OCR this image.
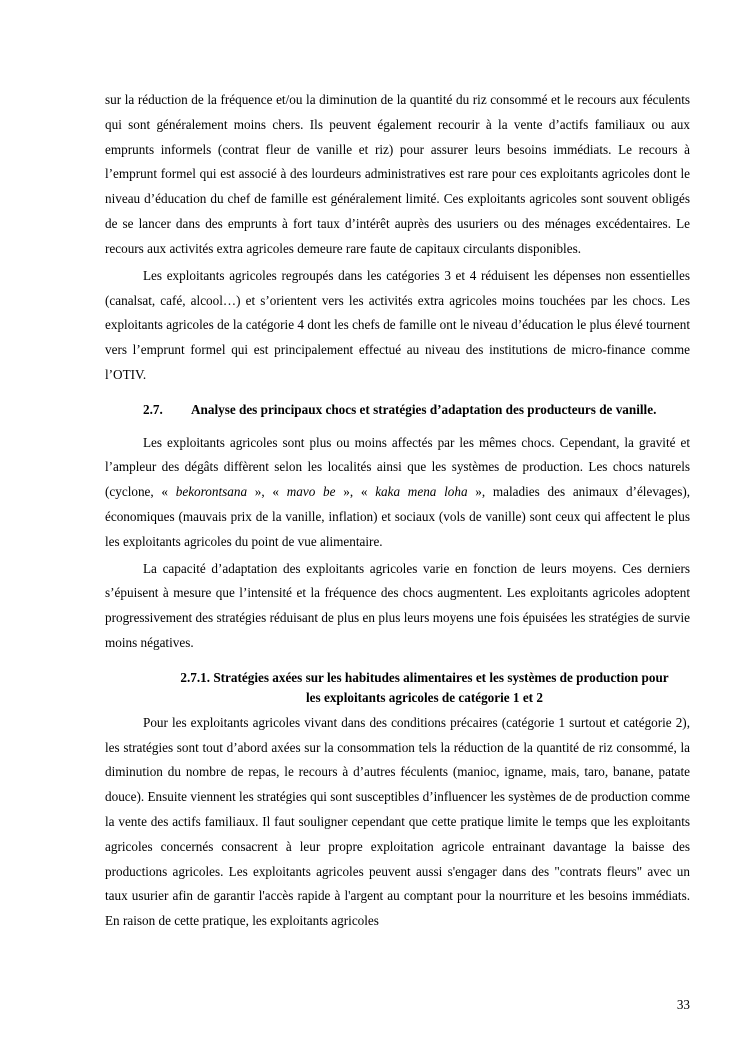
sur la réduction de la fréquence et/ou la diminution de la quantité du riz consommé et le recours aux féculents qui sont généralement moins chers. Ils peuvent également recourir à la vente d’actifs familiaux ou aux emprunts informels (contrat fleur de vanille et riz) pour assurer leurs besoins immédiats. Le recours à l’emprunt formel qui est associé à des lourdeurs administratives est rare pour ces exploitants agricoles dont le niveau d’éducation du chef de famille est généralement limité. Ces exploitants agricoles sont souvent obligés de se lancer dans des emprunts à fort taux d’intérêt auprès des usuriers ou des ménages excédentaires. Le recours aux activités extra agricoles demeure rare faute de capitaux circulants disponibles.

Les exploitants agricoles regroupés dans les catégories 3 et 4 réduisent les dépenses non essentielles (canalsat, café, alcool…) et s’orientent vers les activités extra agricoles moins touchées par les chocs. Les exploitants agricoles de la catégorie 4 dont les chefs de famille ont le niveau d’éducation le plus élevé tournent vers l’emprunt formel qui est principalement effectué au niveau des institutions de micro-finance comme l’OTIV.

2.7. Analyse des principaux chocs et stratégies d’adaptation des producteurs de vanille.

Les exploitants agricoles sont plus ou moins affectés par les mêmes chocs. Cependant, la gravité et l’ampleur des dégâts diffèrent selon les localités ainsi que les systèmes de production. Les chocs naturels (cyclone, « bekorontsana », « mavo be », « kaka mena loha », maladies des animaux d’élevages), économiques (mauvais prix de la vanille, inflation) et sociaux (vols de vanille) sont ceux qui affectent le plus les exploitants agricoles du point de vue alimentaire.

La capacité d’adaptation des exploitants agricoles varie en fonction de leurs moyens. Ces derniers s’épuisent à mesure que l’intensité et la fréquence des chocs augmentent. Les exploitants agricoles adoptent progressivement des stratégies réduisant de plus en plus leurs moyens une fois épuisées les stratégies de survie moins négatives.

2.7.1. Stratégies axées sur les habitudes alimentaires et les systèmes de production pour les exploitants agricoles de catégorie 1 et 2

Pour les exploitants agricoles vivant dans des conditions précaires (catégorie 1 surtout et catégorie 2), les stratégies sont tout d’abord axées sur la consommation tels la réduction de la quantité de riz consommé, la diminution du nombre de repas, le recours à d’autres féculents (manioc, igname, mais, taro, banane, patate douce). Ensuite viennent les stratégies qui sont susceptibles d’influencer les systèmes de de production comme la vente des actifs familiaux. Il faut souligner cependant que cette pratique limite le temps que les exploitants agricoles concernés consacrent à leur propre exploitation agricole entrainant davantage la baisse des productions agricoles. Les exploitants agricoles peuvent aussi s'engager dans des "contrats fleurs" avec un taux usurier afin de garantir l'accès rapide à l'argent au comptant pour la nourriture et les besoins immédiats. En raison de cette pratique, les exploitants agricoles

33
